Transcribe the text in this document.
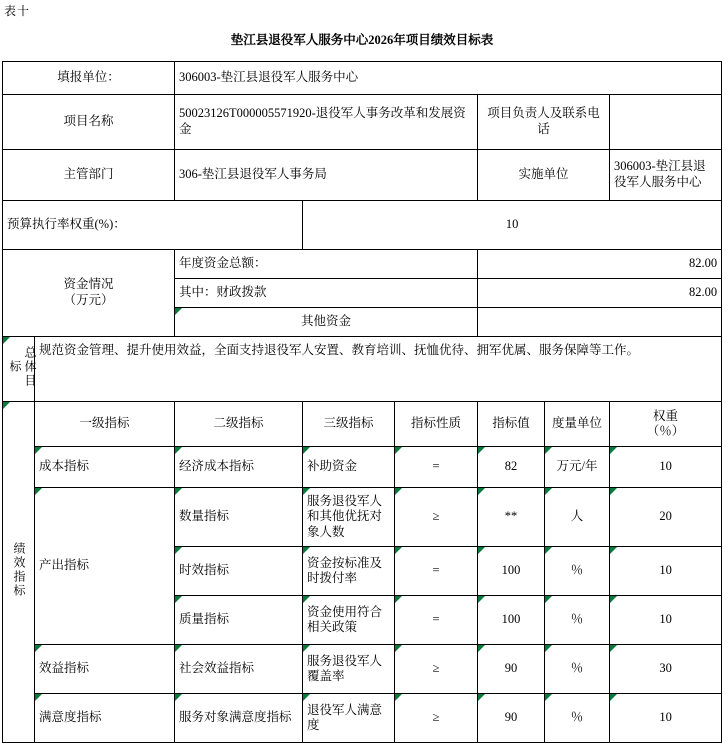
表十
垫江县退役军人服务中心2026年项目绩效目标表							
填报单位：		306003-垫江县退役军人服务中心					
项目名称		50023126T000005571920-退役军人事务改革和发展资金			项目负责人及联系电话		
主管部门		306-垫江县退役军人事务局			实施单位		306003-垫江县退役军人服务中心
预算执行率权重(%)：			10				

资金情况
（万元）		年度资金总额：			82.00		
		其中：财政拨款			82.00		

其他资金					

总体目标	规范资金管理、提升使用效益，全面支持退役军人安置、教育培训、抚恤优待、拥军优属、服务保障等工作。						

绩效指标	一级指标	二级指标	三级指标	指标性质	指标值	度量单位	权重
（％）

成本指标	经济成本指标	补助资金	=	82	万元/年	10

产出指标	数量指标	服务退役军人和其他优抚对象人数	≥	**	人	20

时效指标	资金按标准及时拨付率	=	100	％	10

质量指标	资金使用符合相关政策	=	100	％	10

效益指标	社会效益指标	服务退役军人覆盖率	≥	90	％	30

满意度指标	服务对象满意度指标	退役军人满意度	≥	90	％	10
